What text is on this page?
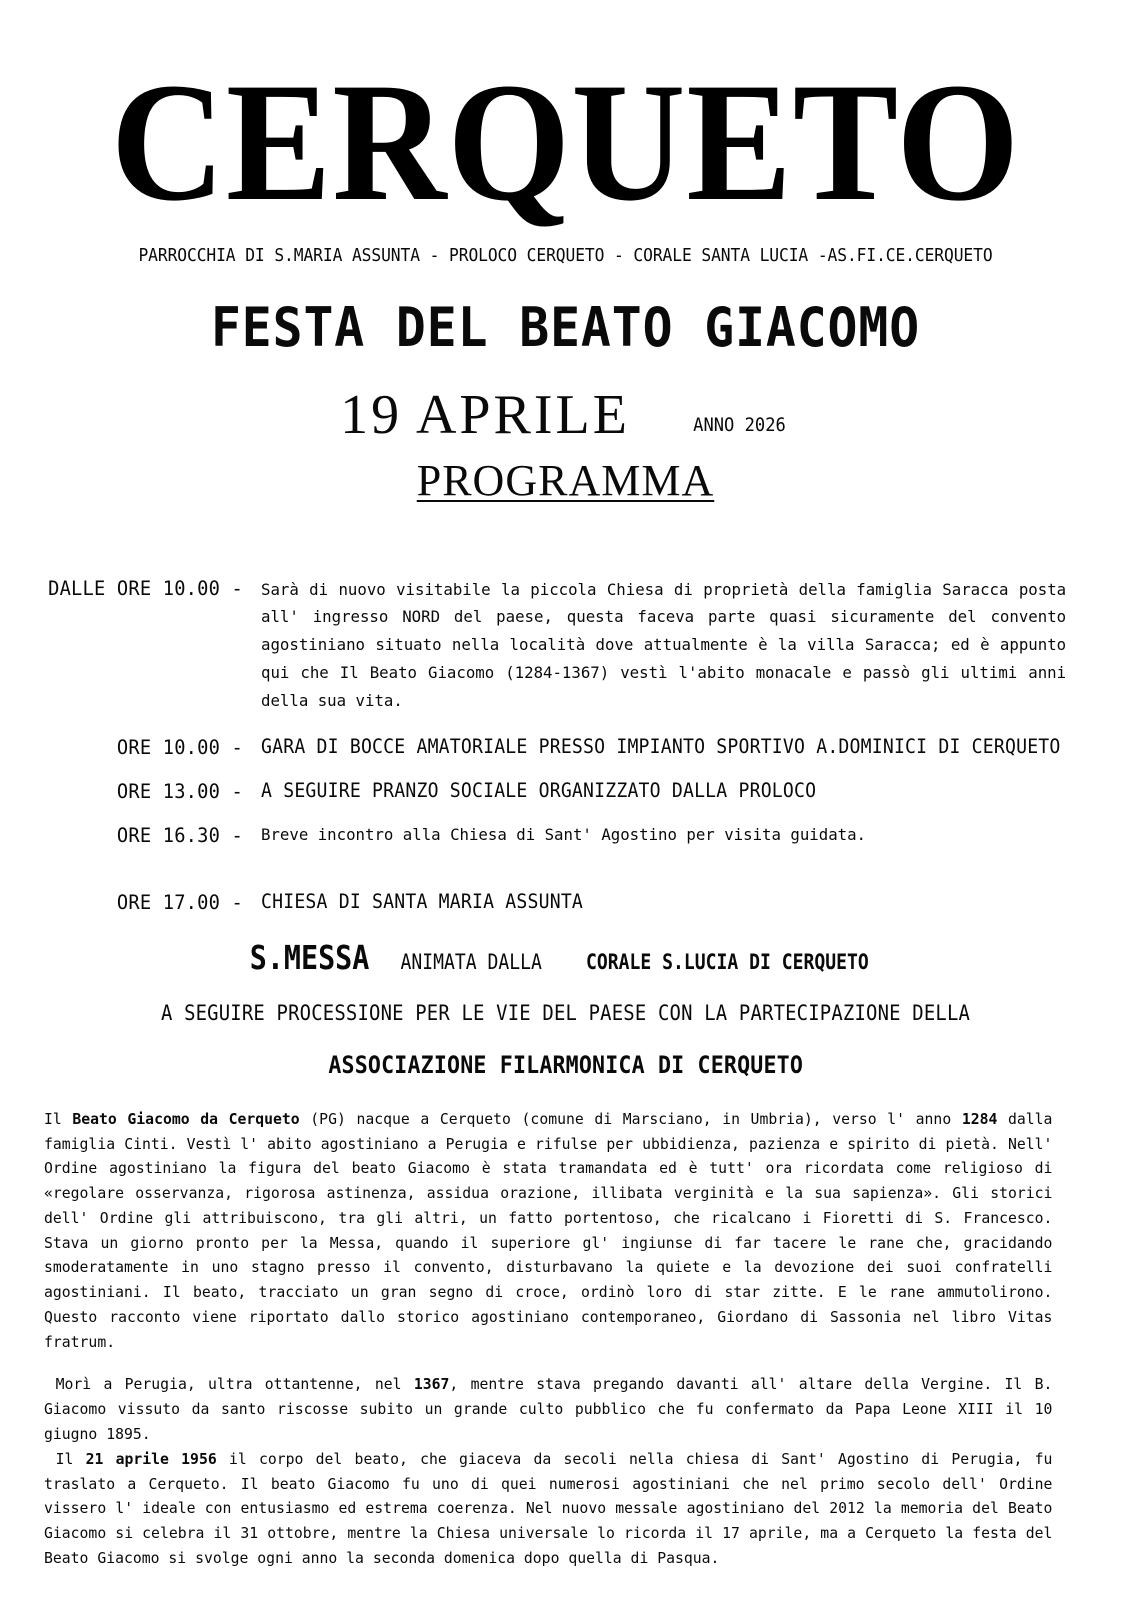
CERQUETO
PARROCCHIA DI S.MARIA ASSUNTA - PROLOCO CERQUETO - CORALE SANTA LUCIA -AS.FI.CE.CERQUETO
FESTA DEL BEATO GIACOMO
19 APRILE	ANNO 2026
PROGRAMMA
DALLE ORE 10.00 - Sarà di nuovo visitabile la piccola Chiesa di proprietà della famiglia Saracca posta all' ingresso NORD del paese, questa faceva parte quasi sicuramente del convento agostiniano situato nella località dove attualmente è la villa Saracca; ed è appunto qui che Il Beato Giacomo (1284-1367) vestì l'abito monacale e passò gli ultimi anni della sua vita.

ORE 10.00 - GARA DI BOCCE AMATORIALE PRESSO IMPIANTO SPORTIVO A.DOMINICI DI CERQUETO

ORE 13.00 - A SEGUIRE PRANZO SOCIALE ORGANIZZATO DALLA PROLOCO

ORE 16.30 - Breve incontro alla Chiesa di Sant' Agostino per visita guidata.

ORE 17.00 - CHIESA DI SANTA MARIA ASSUNTA

S.MESSA ANIMATA DALLA CORALE S.LUCIA DI CERQUETO
A SEGUIRE PROCESSIONE PER LE VIE DEL PAESE CON LA PARTECIPAZIONE DELLA
ASSOCIAZIONE FILARMONICA DI CERQUETO

Il Beato Giacomo da Cerqueto (PG) nacque a Cerqueto (comune di Marsciano, in Umbria), verso l' anno 1284 dalla famiglia Cinti. Vestì l' abito agostiniano a Perugia e rifulse per ubbidienza, pazienza e spirito di pietà. Nell' Ordine agostiniano la figura del beato Giacomo è stata tramandata ed è tutt' ora ricordata come religioso di «regolare osservanza, rigorosa astinenza, assidua orazione, illibata verginità e la sua sapienza». Gli storici dell' Ordine gli attribuiscono, tra gli altri, un fatto portentoso, che ricalcano i Fioretti di S. Francesco. Stava un giorno pronto per la Messa, quando il superiore gl' ingiunse di far tacere le rane che, gracidando smoderatamente in uno stagno presso il convento, disturbavano la quiete e la devozione dei suoi confratelli agostiniani. Il beato, tracciato un gran segno di croce, ordinò loro di star zitte. E le rane ammutolirono. Questo racconto viene riportato dallo storico agostiniano contemporaneo, Giordano di Sassonia nel libro Vitas fratrum.

Morì a Perugia, ultra ottantenne, nel 1367, mentre stava pregando davanti all' altare della Vergine. Il B. Giacomo vissuto da santo riscosse subito un grande culto pubblico che fu confermato da Papa Leone XIII il 10 giugno 1895.

Il 21 aprile 1956 il corpo del beato, che giaceva da secoli nella chiesa di Sant' Agostino di Perugia, fu traslato a Cerqueto. Il beato Giacomo fu uno di quei numerosi agostiniani che nel primo secolo dell' Ordine vissero l' ideale con entusiasmo ed estrema coerenza. Nel nuovo messale agostiniano del 2012 la memoria del Beato Giacomo si celebra il 31 ottobre, mentre la Chiesa universale lo ricorda il 17 aprile, ma a Cerqueto la festa del Beato Giacomo si svolge ogni anno la seconda domenica dopo quella di Pasqua.
